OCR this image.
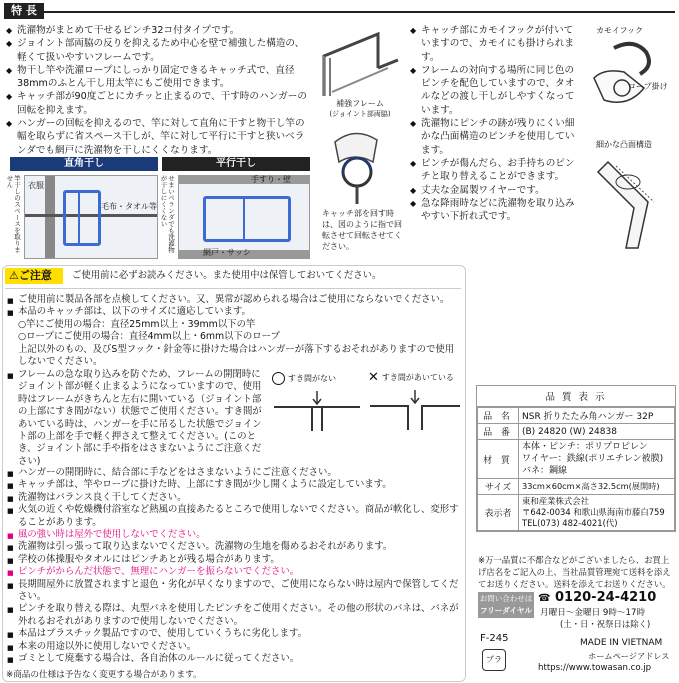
特 長
◆ 洗濯物がまとめて干せるピンチ32コ付タイプです。
◆ ジョイント部両脇の反りを抑えるため中心を壁で補強した構造の、軽くて扱いやすいフレームです。
◆ 物干し竿や洗濯ロープにしっかり固定できるキャッチ式で、直径38mmのふとん干し用太竿にもご使用できます。
◆ キャッチ部が90度ごとにカチッと止まるので、干す時のハンガーの回転を抑えます。
◆ ハンガーの回転を抑えるので、竿に対して直角に干すと物干し竿の幅を取らずに省スペース干しが、竿に対して平行に干すと狭いベランダでも網戸に洗濯物を干しにくくなります。
直角干し
竿干しのスペースを取りません	衣服
毛布・タオル等
平行干し
せまいベランダでも洗濯物が干しにくくない	手すり・壁
網戸・サッシ
補強フレーム
(ジョイント部両脇)
キャッチ部を回す時は、図のように指で回転させて回転させてください。
◆ キャッチ部にカモイフックが付いていますので、カモイにも掛けられます。
◆ フレームの対向する場所に同じ色のピンチを配色していますので、タオルなどの渡し干しがしやすくなっています。
◆ 洗濯物にピンチの跡が残りにくい細かな凸面構造のピンチを使用しています。
◆ ピンチが傷んだら、お手持ちのピンチと取り替えることができます。
◆ 丈夫な金属製ワイヤーです。
◆ 急な降雨時などに洗濯物を取り込みやすい下折れ式です。
カモイフック
ロープ掛け
細かな凸面構造
⚠ご注意	ご使用前に必ずお読みください。また使用中は保管しておいてください。
■ ご使用前に製品各部を点検してください。又、異常が認められる場合はご使用にならないでください。
■ 本品のキャッチ部は、以下のサイズに適応しています。
○竿にご使用の場合：直径25mm以上・39mm以下の竿
○ロープにご使用の場合：直径4mm以上・6mm以下のロープ
上記以外のもの、及びS型フック・針金等に掛けた場合はハンガーが落下するおそれがありますので使用しないでください。
■ フレームの急な取り込みを防ぐため、フレームの開閉時にジョイント部が軽く止まるようになっていますので、使用時はフレームがきちんと左右に開いている（ジョイント部の上部にすき間がない）状態でご使用ください。すき間があいている時は、ハンガーを手に吊るした状態でジョイント部の上部を手で軽く押さえて整えてください。(このとき、ジョイント部に手や指をはさまないようにご注意ください)
すき間がない ✕ すき間があいている
■ ハンガーの開閉時に、結合部に手などをはさまないようにご注意ください。
■ キャッチ部は、竿やロープに掛けた時、上部にすき間が少し開くように設定しています。
■ 洗濯物はバランス良く干してください。
■ 火気の近くや乾燥機付浴室など熱風の直接あたるところで使用しないでください。商品が軟化し、変形することがあります。
■ 風の強い時は屋外で使用しないでください。
■ 洗濯物は引っ張って取り込まないでください。洗濯物の生地を傷めるおそれがあります。
■ 学校の体操服やタオルにはピンチあとが残る場合があります。
■ ピンチがからんだ状態で、無理にハンガーを振らないでください。
■ 長期間屋外に放置されますと退色・劣化が早くなりますので、ご使用にならない時は屋内で保管してください。
■ ピンチを取り替える際は、丸型バネを使用したピンチをご使用ください。その他の形状のバネは、バネが外れるおそれがありますので使用しないでください。
■ 本品はプラスチック製品ですので、使用していくうちに劣化します。
■ 本来の用途以外に使用しないでください。
■ ゴミとして廃棄する場合は、各自治体のルールに従ってください。
※商品の仕様は予告なく変更する場合があります。
品 質 表 示
品 名	NSR 折りたたみ角ハンガー 32P
品 番	(B) 24820 (W) 24838
材 質	本体・ピンチ：ポリプロピレン
ワイヤー：鉄線(ポリエチレン被膜)
バネ：鋼線
サイズ	33cm×60cm×高さ32.5cm(展開時)
表示者	東和産業株式会社
〒642-0034 和歌山県海南市藤白759
TEL(073) 482-4021(代)
※万一品質に不都合などがございましたら、お買上げ店名をご記入の上、当社品質管理宛て送料を添えてお送りください。送料を添えてお送りください。
お問い合わせは
フリーダイヤル
☎ 0120-24-4210
月曜日～金曜日 9時～17時
(土・日・祝祭日は除く)
F-245	MADE IN VIETNAM
プラ	ホームページアドレス
https://www.towasan.co.jp
